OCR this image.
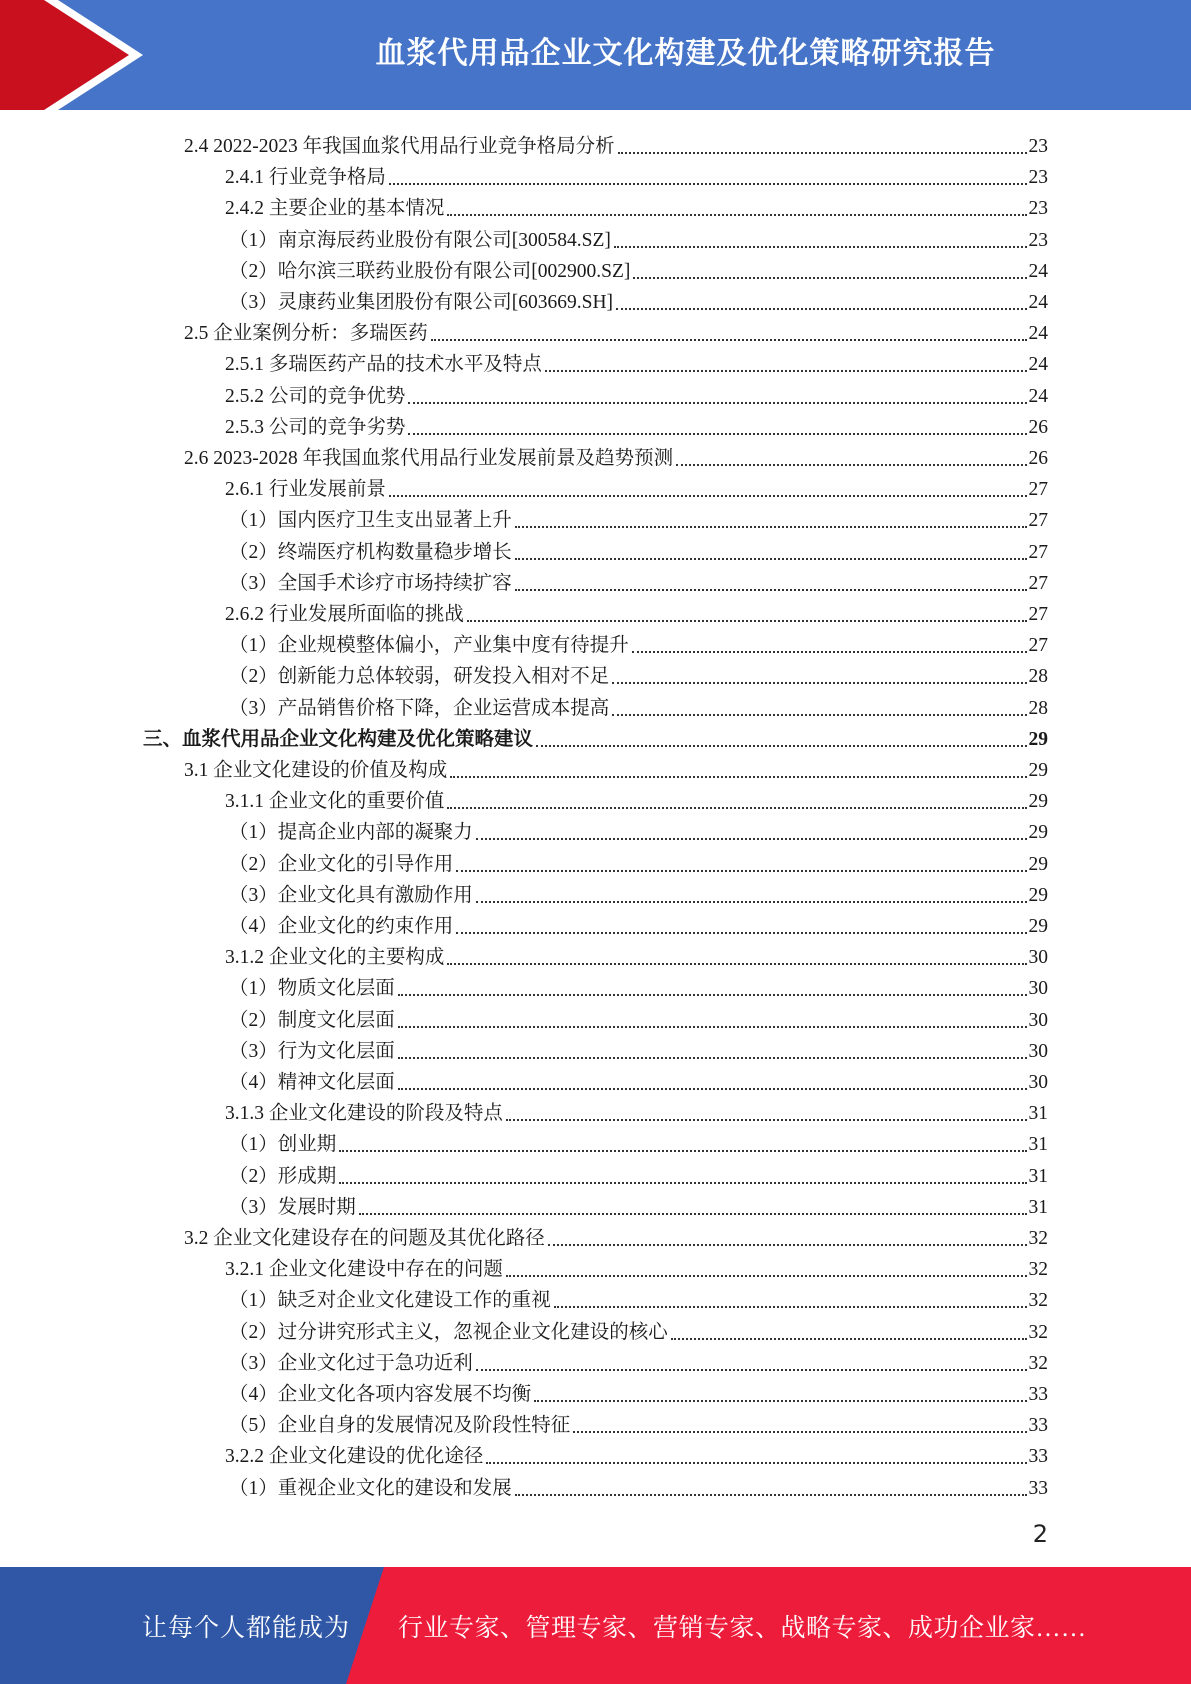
血浆代用品企业文化构建及优化策略研究报告
2.4 2022-2023 年我国血浆代用品行业竞争格局分析	23
2.4.1 行业竞争格局	23
2.4.2 主要企业的基本情况	23
（1）南京海辰药业股份有限公司[300584.SZ]	23
（2）哈尔滨三联药业股份有限公司[002900.SZ]	24
（3）灵康药业集团股份有限公司[603669.SH]	24
2.5 企业案例分析：多瑞医药	24
2.5.1 多瑞医药产品的技术水平及特点	24
2.5.2 公司的竞争优势	24
2.5.3 公司的竞争劣势	26
2.6 2023-2028 年我国血浆代用品行业发展前景及趋势预测	26
2.6.1 行业发展前景	27
（1）国内医疗卫生支出显著上升	27
（2）终端医疗机构数量稳步增长	27
（3）全国手术诊疗市场持续扩容	27
2.6.2 行业发展所面临的挑战	27
（1）企业规模整体偏小，产业集中度有待提升	27
（2）创新能力总体较弱，研发投入相对不足	28
（3）产品销售价格下降，企业运营成本提高	28
三、血浆代用品企业文化构建及优化策略建议	29
3.1 企业文化建设的价值及构成	29
3.1.1 企业文化的重要价值	29
（1）提高企业内部的凝聚力	29
（2）企业文化的引导作用	29
（3）企业文化具有激励作用	29
（4）企业文化的约束作用	29
3.1.2 企业文化的主要构成	30
（1）物质文化层面	30
（2）制度文化层面	30
（3）行为文化层面	30
（4）精神文化层面	30
3.1.3 企业文化建设的阶段及特点	31
（1）创业期	31
（2）形成期	31
（3）发展时期	31
3.2 企业文化建设存在的问题及其优化路径	32
3.2.1 企业文化建设中存在的问题	32
（1）缺乏对企业文化建设工作的重视	32
（2）过分讲究形式主义，忽视企业文化建设的核心	32
（3）企业文化过于急功近利	32
（4）企业文化各项内容发展不均衡	33
（5）企业自身的发展情况及阶段性特征	33
3.2.2 企业文化建设的优化途径	33
（1）重视企业文化的建设和发展	33
2
让每个人都能成为 行业专家、管理专家、营销专家、战略专家、成功企业家……
